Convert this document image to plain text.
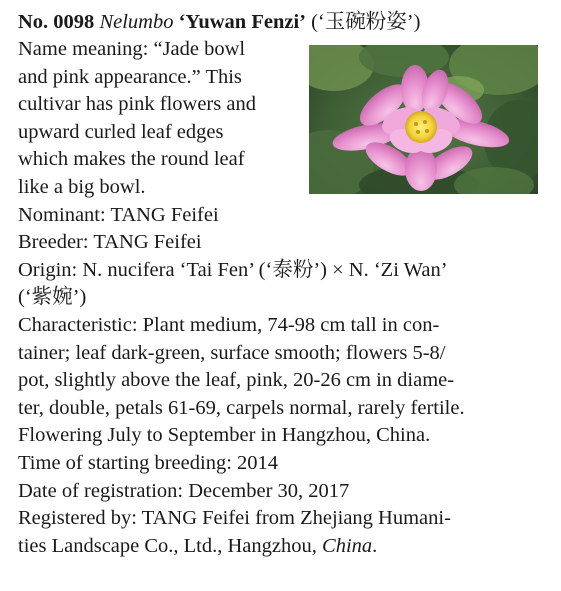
No. 0098 Nelumbo ‘Yuwan Fenzi’ (‘玉碗粉姿’)

Name meaning: “Jade bowl

and pink appearance.” This

cultivar has pink flowers and

upward curled leaf edges

which makes the round leaf

like a big bowl.

Nominant: TANG Feifei

Breeder: TANG Feifei

Origin: N. nucifera ‘Tai Fen’ (‘泰粉’) × N. ‘Zi Wan’

(‘紫婉’)

Characteristic: Plant medium, 74-98 cm tall in con-

tainer; leaf dark-green, surface smooth; flowers 5-8/

pot, slightly above the leaf, pink, 20-26 cm in diame-

ter, double, petals 61-69, carpels normal, rarely fertile.

Flowering July to September in Hangzhou, China.

Time of starting breeding: 2014

Date of registration: December 30, 2017

Registered by: TANG Feifei from Zhejiang Humani-

ties Landscape Co., Ltd., Hangzhou, China.
